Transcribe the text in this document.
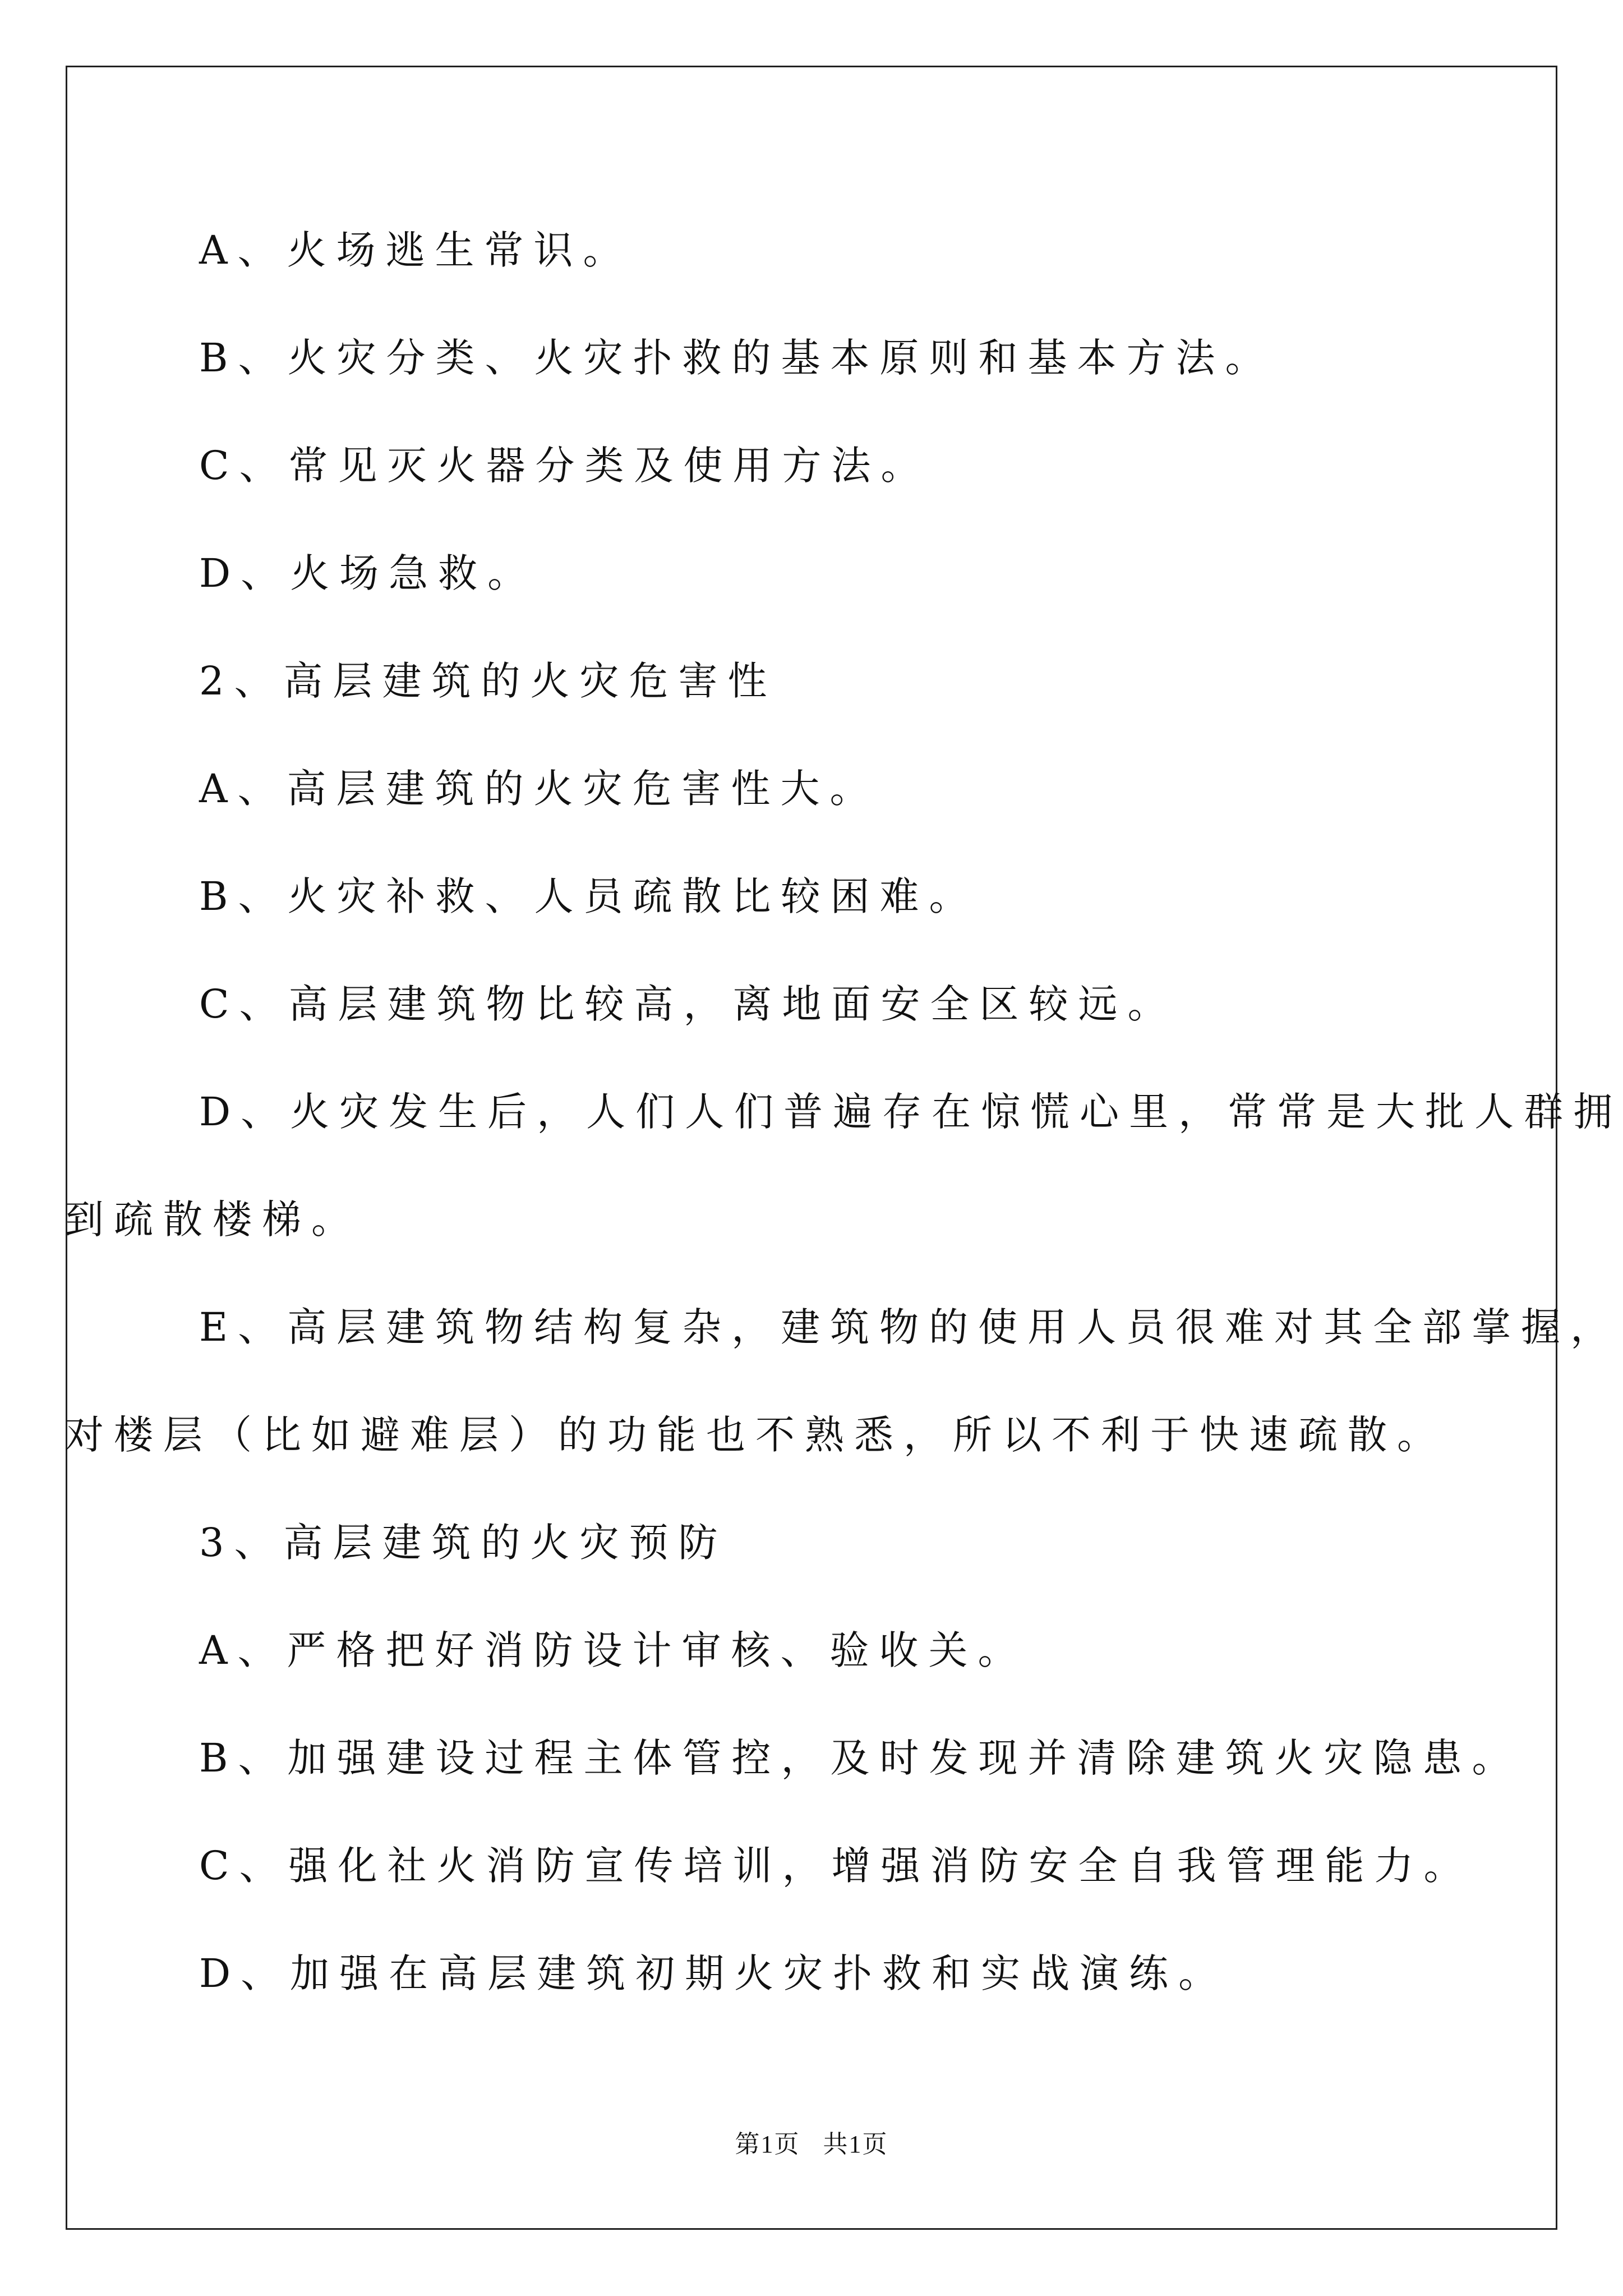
A、火场逃生常识。
B、火灾分类、火灾扑救的基本原则和基本方法。
C、常见灭火器分类及使用方法。
D、火场急救。
2、高层建筑的火灾危害性
A、高层建筑的火灾危害性大。
B、火灾补救、人员疏散比较困难。
C、高层建筑物比较高，离地面安全区较远。
D、火灾发生后，人们人们普遍存在惊慌心里，常常是大批人群拥
到疏散楼梯。
E、高层建筑物结构复杂，建筑物的使用人员很难对其全部掌握，
对楼层（比如避难层）的功能也不熟悉，所以不利于快速疏散。
3、高层建筑的火灾预防
A、严格把好消防设计审核、验收关。
B、加强建设过程主体管控，及时发现并清除建筑火灾隐患。
C、强化社火消防宣传培训，增强消防安全自我管理能力。
D、加强在高层建筑初期火灾扑救和实战演练。
第1页 共1页
